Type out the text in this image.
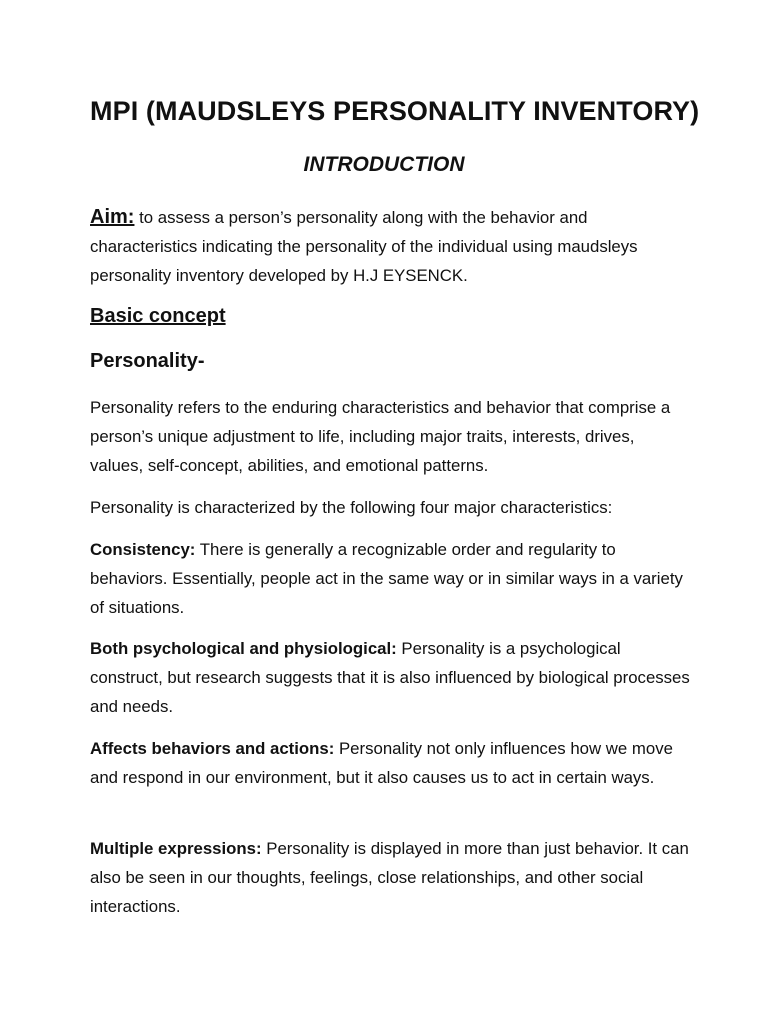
MPI (MAUDSLEYS PERSONALITY INVENTORY)
INTRODUCTION

Aim: to assess a person’s personality along with the behavior and characteristics indicating the personality of the individual using maudsleys personality inventory developed by H.J EYSENCK.

Basic concept
Personality-

Personality refers to the enduring characteristics and behavior that comprise a person’s unique adjustment to life, including major traits, interests, drives, values, self-concept, abilities, and emotional patterns.

Personality is characterized by the following four major characteristics:

Consistency: There is generally a recognizable order and regularity to behaviors. Essentially, people act in the same way or in similar ways in a variety of situations.

Both psychological and physiological: Personality is a psychological construct, but research suggests that it is also influenced by biological processes and needs.

Affects behaviors and actions: Personality not only influences how we move and respond in our environment, but it also causes us to act in certain ways.

Multiple expressions: Personality is displayed in more than just behavior. It can also be seen in our thoughts, feelings, close relationships, and other social interactions.
